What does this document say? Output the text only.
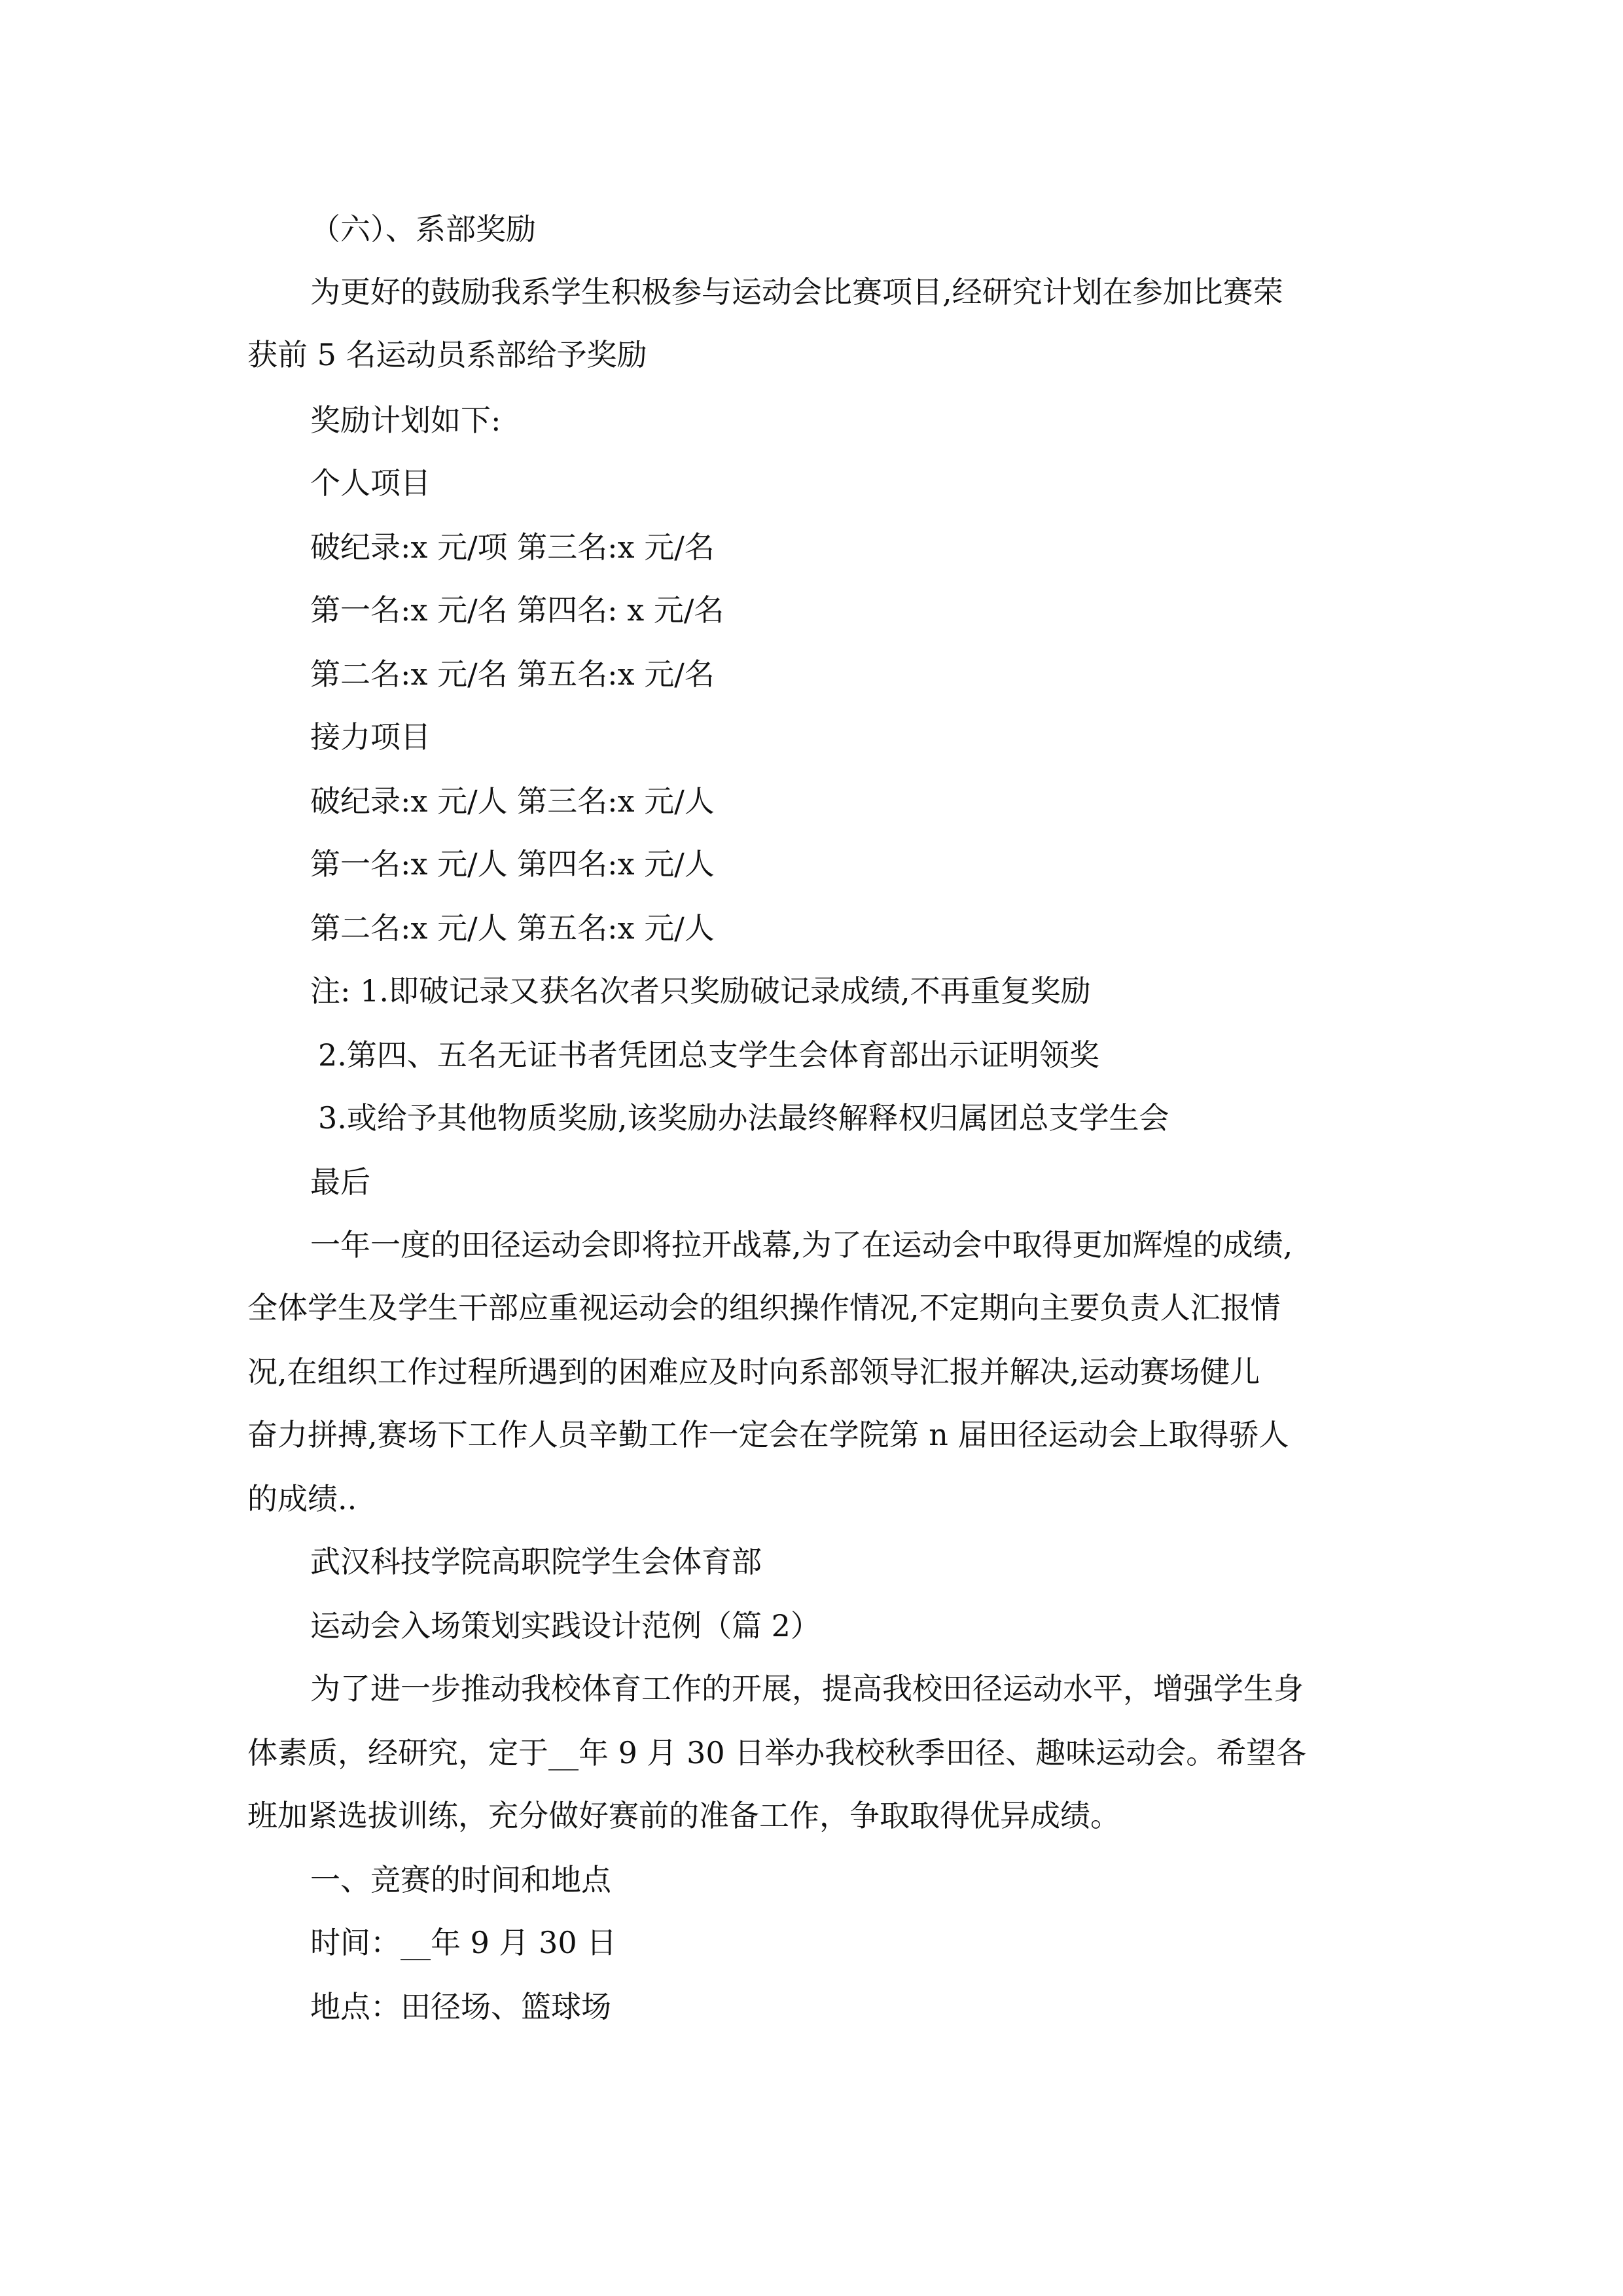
（六）、系部奖励

为更好的鼓励我系学生积极参与运动会比赛项目,经研究计划在参加比赛荣

获前 5 名运动员系部给予奖励

奖励计划如下:

个人项目

破纪录:x 元/项 第三名:x 元/名

第一名:x 元/名 第四名: x 元/名

第二名:x 元/名 第五名:x 元/名

接力项目

破纪录:x 元/人 第三名:x 元/人

第一名:x 元/人 第四名:x 元/人

第二名:x 元/人 第五名:x 元/人

注: 1.即破记录又获名次者只奖励破记录成绩,不再重复奖励

2.第四、五名无证书者凭团总支学生会体育部出示证明领奖

3.或给予其他物质奖励,该奖励办法最终解释权归属团总支学生会

最后

一年一度的田径运动会即将拉开战幕,为了在运动会中取得更加辉煌的成绩,

全体学生及学生干部应重视运动会的组织操作情况,不定期向主要负责人汇报情

况,在组织工作过程所遇到的困难应及时向系部领导汇报并解决,运动赛场健儿

奋力拼搏,赛场下工作人员辛勤工作一定会在学院第 n 届田径运动会上取得骄人

的成绩..

武汉科技学院高职院学生会体育部

运动会入场策划实践设计范例（篇 2）

为了进一步推动我校体育工作的开展，提高我校田径运动水平，增强学生身

体素质，经研究，定于__年 9 月 30 日举办我校秋季田径、趣味运动会。希望各

班加紧选拔训练，充分做好赛前的准备工作，争取取得优异成绩。

一、竞赛的时间和地点

时间：__年 9 月 30 日

地点：田径场、篮球场
